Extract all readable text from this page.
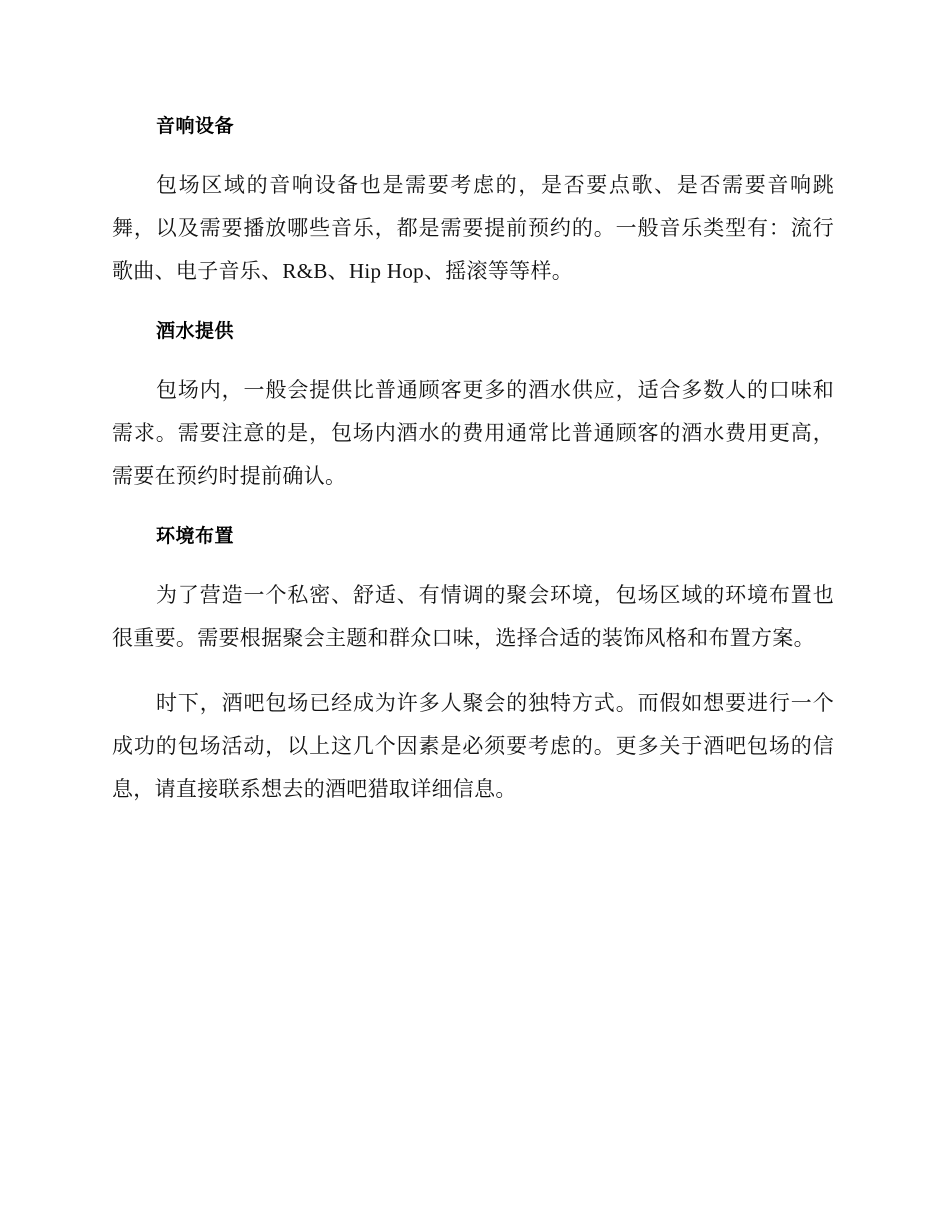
音响设备

包场区域的音响设备也是需要考虑的，是否要点歌、是否需要音响跳舞，以及需要播放哪些音乐，都是需要提前预约的。一般音乐类型有：流行歌曲、电子音乐、R&B、Hip Hop、摇滚等等样。

酒水提供

包场内，一般会提供比普通顾客更多的酒水供应，适合多数人的口味和需求。需要注意的是，包场内酒水的费用通常比普通顾客的酒水费用更高，需要在预约时提前确认。

环境布置

为了营造一个私密、舒适、有情调的聚会环境，包场区域的环境布置也很重要。需要根据聚会主题和群众口味，选择合适的装饰风格和布置方案。

时下，酒吧包场已经成为许多人聚会的独特方式。而假如想要进行一个成功的包场活动，以上这几个因素是必须要考虑的。更多关于酒吧包场的信息，请直接联系想去的酒吧猎取详细信息。
